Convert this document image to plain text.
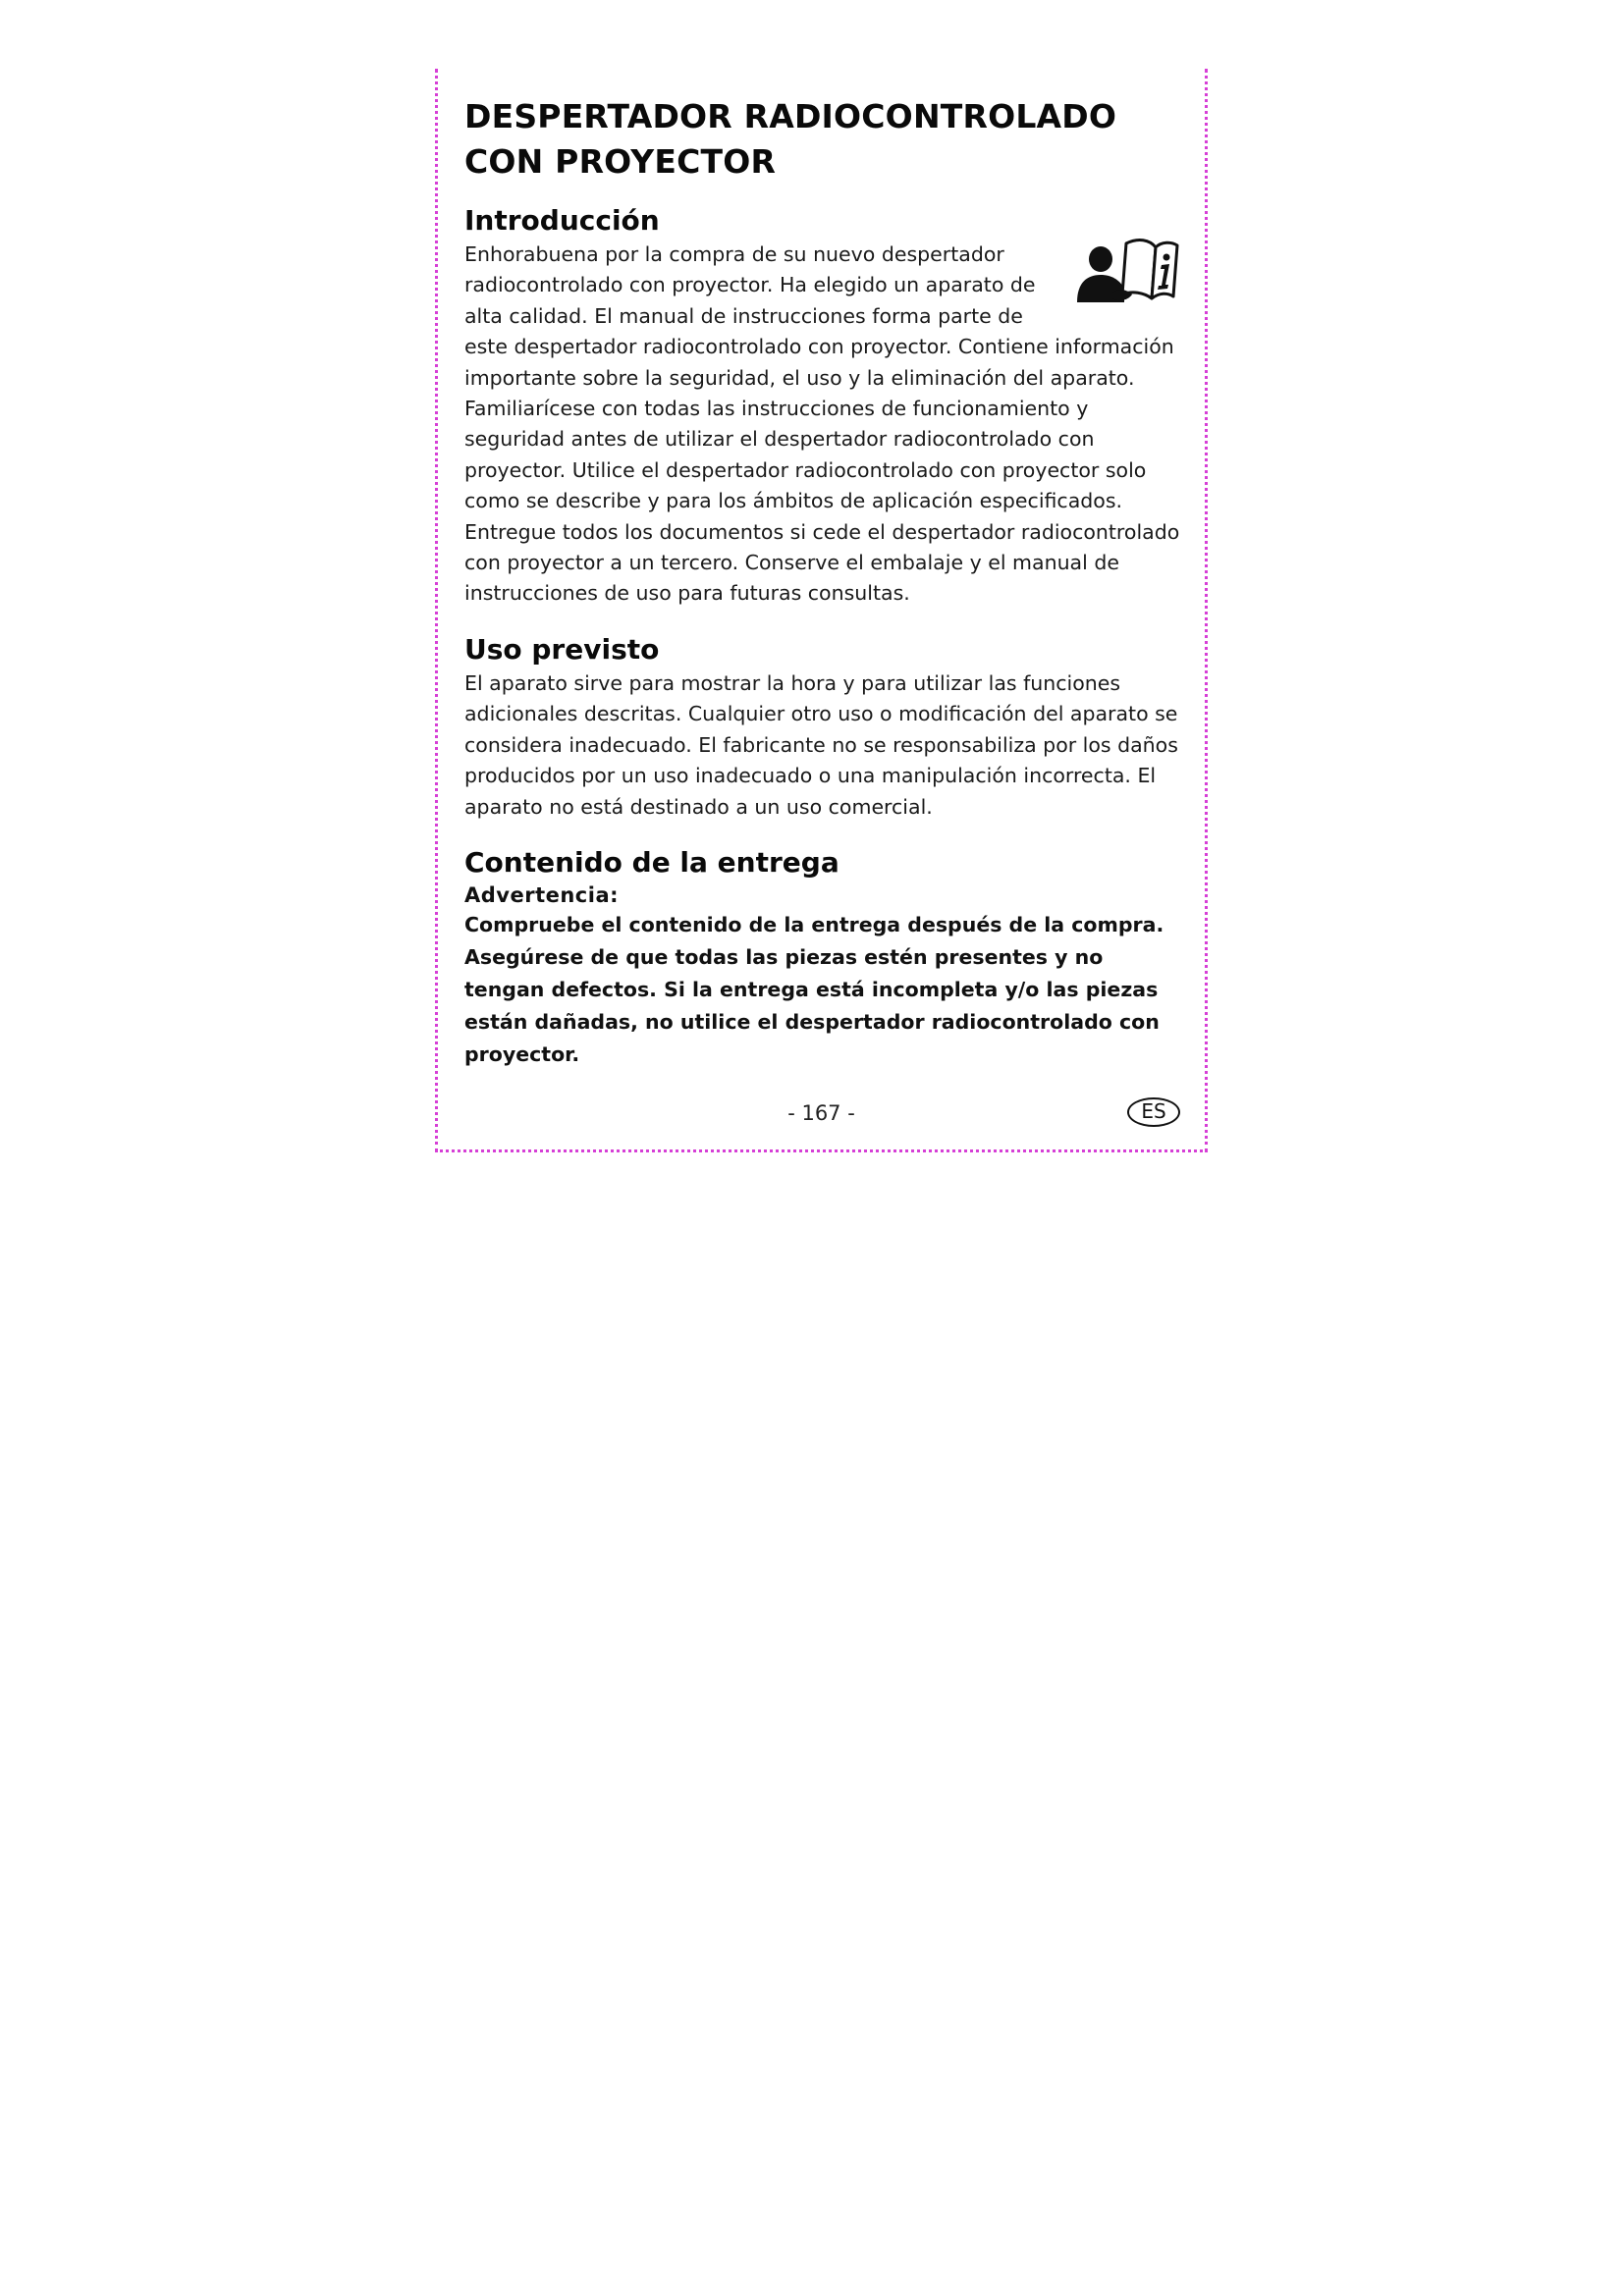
DESPERTADOR RADIOCONTROLADO CON PROYECTOR
Introducción

Enhorabuena por la compra de su nuevo despertador radiocontrolado con proyector. Ha elegido un aparato de alta calidad. El manual de instrucciones forma parte de este despertador radiocontrolado con proyector. Contiene información importante sobre la seguridad, el uso y la eliminación del aparato. Familiarícese con todas las instrucciones de funcionamiento y seguridad antes de utilizar el despertador radiocontrolado con proyector. Utilice el despertador radiocontrolado con proyector solo como se describe y para los ámbitos de aplicación especificados. Entregue todos los documentos si cede el despertador radiocontrolado con proyector a un tercero. Conserve el embalaje y el manual de instrucciones de uso para futuras consultas.

Uso previsto

El aparato sirve para mostrar la hora y para utilizar las funciones adicionales descritas. Cualquier otro uso o modificación del aparato se considera inadecuado. El fabricante no se responsabiliza por los daños producidos por un uso inadecuado o una manipulación incorrecta. El aparato no está destinado a un uso comercial.

Contenido de la entrega
Advertencia:

Compruebe el contenido de la entrega después de la compra. Asegúrese de que todas las piezas estén presentes y no tengan defectos. Si la entrega está incompleta y/o las piezas están dañadas, no utilice el despertador radiocontrolado con proyector.

- 167 -	ES
